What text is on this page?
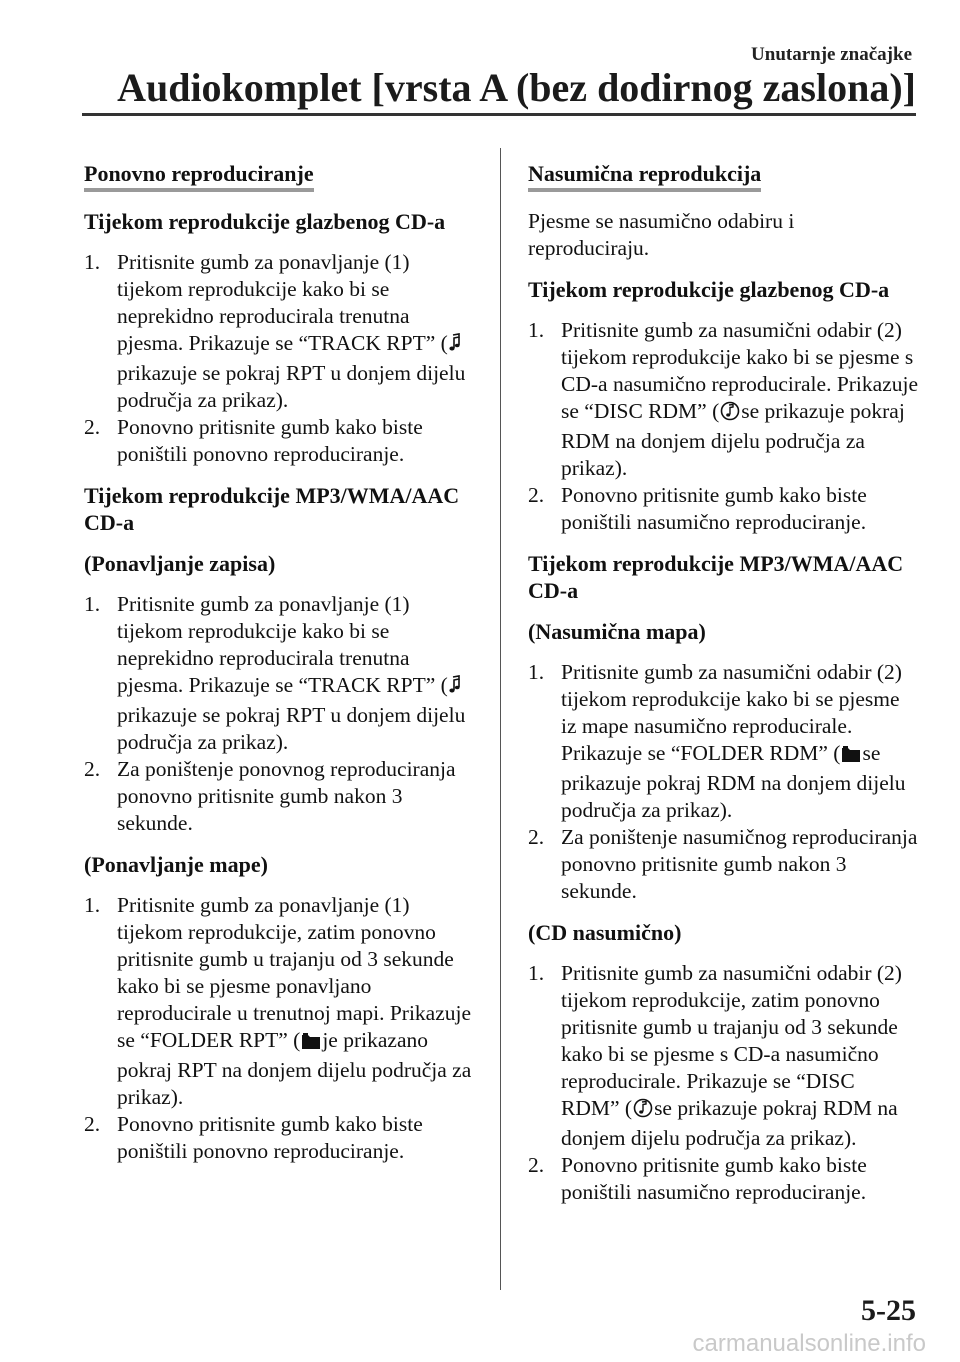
Unutarnje značajke
Audiokomplet [vrsta A (bez dodirnog zaslona)]
Ponovno reproduciranje
Tijekom reprodukcije glazbenog CD-a
1. Pritisnite gumb za ponavljanje (1) tijekom reprodukcije kako bi se neprekidno reproducirala trenutna pjesma. Prikazuje se “TRACK RPT” (prikazuje se pokraj RPT u donjem dijelu područja za prikaz).
2. Ponovno pritisnite gumb kako biste poništili ponovno reproduciranje.
Tijekom reprodukcije MP3/WMA/AAC CD-a
(Ponavljanje zapisa)
1. Pritisnite gumb za ponavljanje (1) tijekom reprodukcije kako bi se neprekidno reproducirala trenutna pjesma. Prikazuje se “TRACK RPT” (prikazuje se pokraj RPT u donjem dijelu područja za prikaz).
2. Za poništenje ponovnog reproduciranja ponovno pritisnite gumb nakon 3 sekunde.
(Ponavljanje mape)
1. Pritisnite gumb za ponavljanje (1) tijekom reprodukcije, zatim ponovno pritisnite gumb u trajanju od 3 sekunde kako bi se pjesme ponavljano reproducirale u trenutnoj mapi. Prikazuje se “FOLDER RPT” ( je prikazano pokraj RPT na donjem dijelu područja za prikaz).
2. Ponovno pritisnite gumb kako biste poništili ponovno reproduciranje.
Nasumična reprodukcija
Pjesme se nasumično odabiru i reproduciraju.
Tijekom reprodukcije glazbenog CD-a
1. Pritisnite gumb za nasumični odabir (2) tijekom reprodukcije kako bi se pjesme s CD-a nasumično reproducirale. Prikazuje se “DISC RDM” ( se prikazuje pokraj RDM na donjem dijelu područja za prikaz).
2. Ponovno pritisnite gumb kako biste poništili nasumično reproduciranje.
Tijekom reprodukcije MP3/WMA/AAC CD-a
(Nasumična mapa)
1. Pritisnite gumb za nasumični odabir (2) tijekom reprodukcije kako bi se pjesme iz mape nasumično reproducirale. Prikazuje se “FOLDER RDM” ( se prikazuje pokraj RDM na donjem dijelu područja za prikaz).
2. Za poništenje nasumičnog reproduciranja ponovno pritisnite gumb nakon 3 sekunde.
(CD nasumično)
1. Pritisnite gumb za nasumični odabir (2) tijekom reprodukcije, zatim ponovno pritisnite gumb u trajanju od 3 sekunde kako bi se pjesme s CD-a nasumično reproducirale. Prikazuje se “DISC RDM” ( se prikazuje pokraj RDM na donjem dijelu područja za prikaz).
2. Ponovno pritisnite gumb kako biste poništili nasumično reproduciranje.
5-25
carmanualsonline.info
